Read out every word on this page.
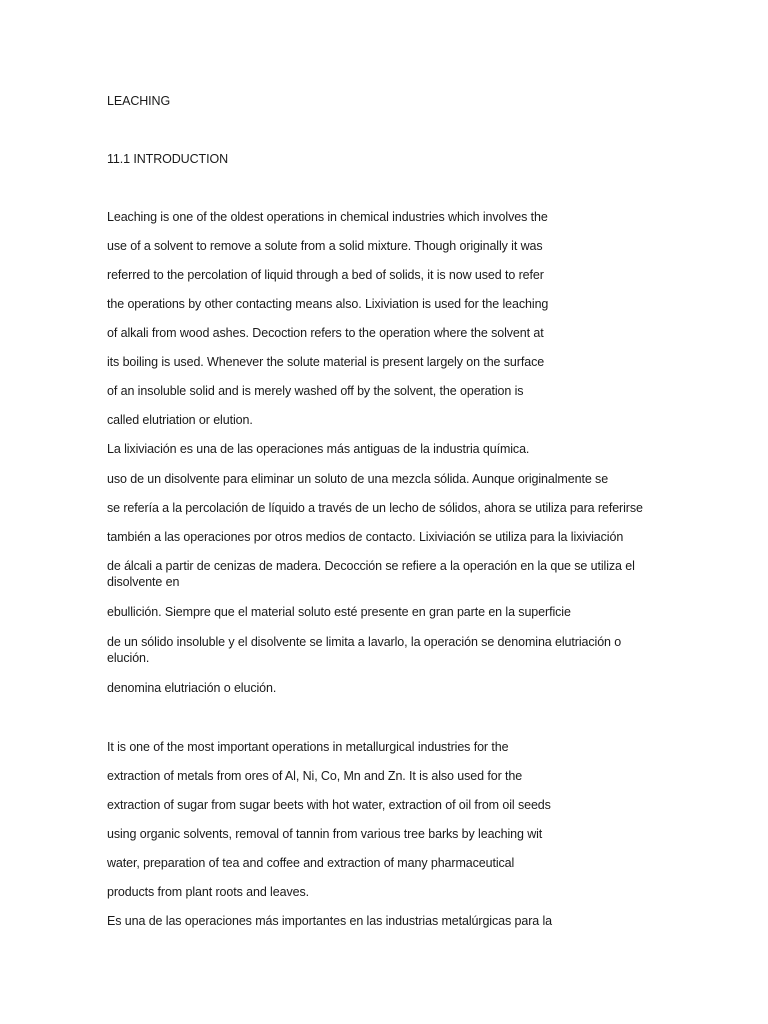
LEACHING
11.1 INTRODUCTION
Leaching is one of the oldest operations in chemical industries which involves the
use of a solvent to remove a solute from a solid mixture. Though originally it was
referred to the percolation of liquid through a bed of solids, it is now used to refer
the operations by other contacting means also. Lixiviation is used for the leaching
of alkali from wood ashes. Decoction refers to the operation where the solvent at
its boiling is used. Whenever the solute material is present largely on the surface
of an insoluble solid and is merely washed off by the solvent, the operation is
called elutriation or elution.
La lixiviación es una de las operaciones más antiguas de la industria química.
uso de un disolvente para eliminar un soluto de una mezcla sólida. Aunque originalmente se
se refería a la percolación de líquido a través de un lecho de sólidos, ahora se utiliza para referirse
también a las operaciones por otros medios de contacto. Lixiviación se utiliza para la lixiviación
de álcali a partir de cenizas de madera. Decocción se refiere a la operación en la que se utiliza el disolvente en
ebullición. Siempre que el material soluto esté presente en gran parte en la superficie
de un sólido insoluble y el disolvente se limita a lavarlo, la operación se denomina elutriación o elución.
denomina elutriación o elución.
It is one of the most important operations in metallurgical industries for the
extraction of metals from ores of Al, Ni, Co, Mn and Zn. It is also used for the
extraction of sugar from sugar beets with hot water, extraction of oil from oil seeds
using organic solvents, removal of tannin from various tree barks by leaching wit
water, preparation of tea and coffee and extraction of many pharmaceutical
products from plant roots and leaves.
Es una de las operaciones más importantes en las industrias metalúrgicas para la
